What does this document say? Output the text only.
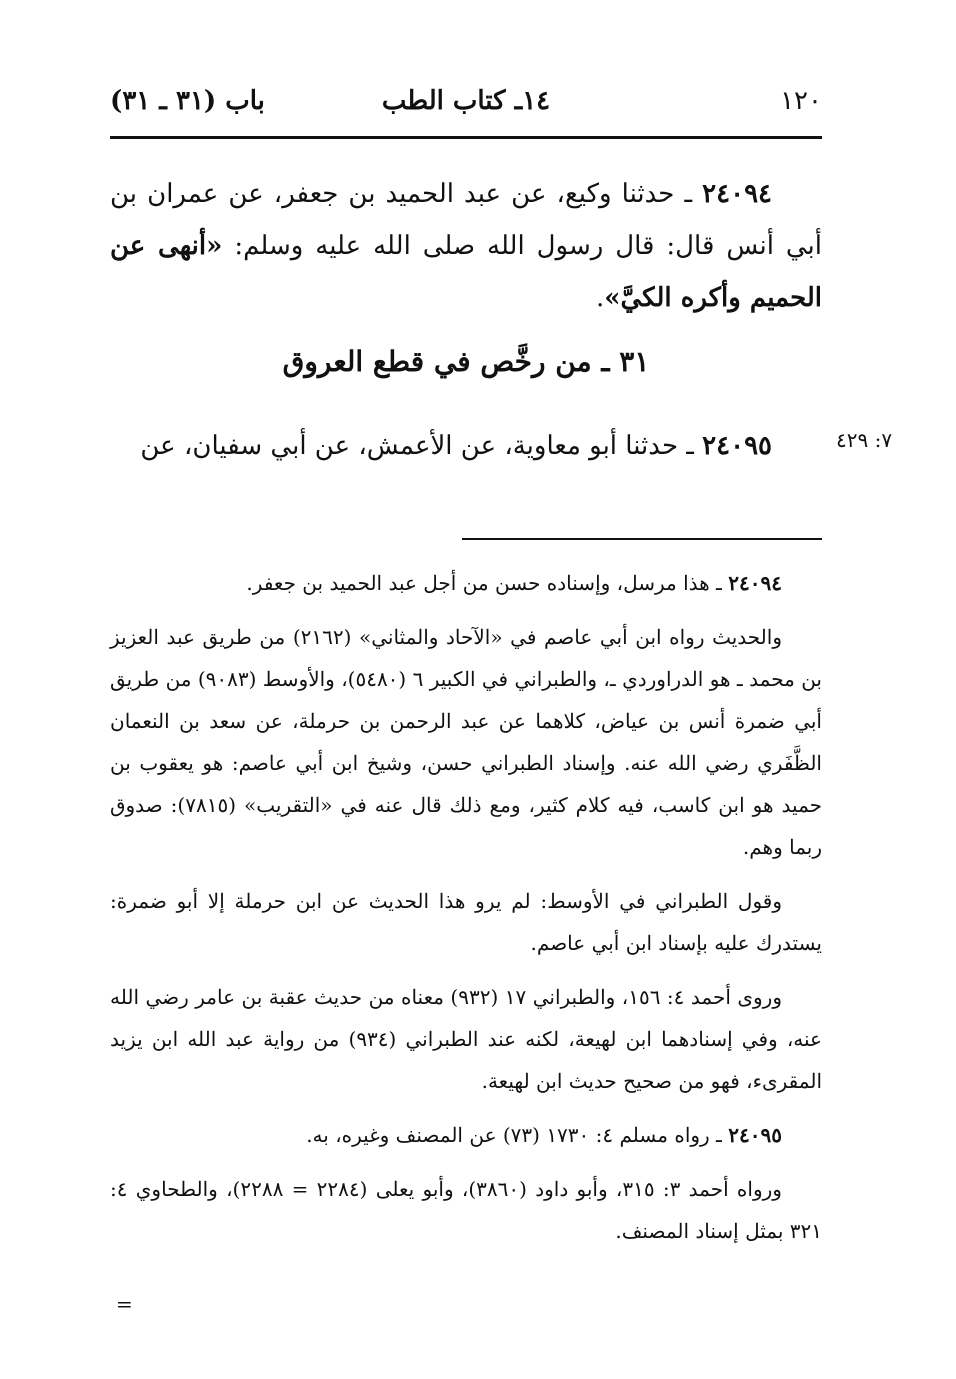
١٢٠
١٤ـ كتاب الطب
باب (٣١ ـ ٣١)

٢٤٠٩٤ ـ حدثنا وكيع، عن عبد الحميد بن جعفر، عن عمران بن أبي أنس قال: قال رسول الله صلى الله عليه وسلم: «أنهى عن الحميم وأكره الكيَّ».

٣١ ـ من رخَّص في قطع العروق

٢٤٠٩٥ ـ حدثنا أبو معاوية، عن الأعمش، عن أبي سفيان، عن	٧: ٤٢٩

٢٤٠٩٤ ـ هذا مرسل، وإسناده حسن من أجل عبد الحميد بن جعفر.

والحديث رواه ابن أبي عاصم في «الآحاد والمثاني» (٢١٦٢) من طريق عبد العزيز بن محمد ـ هو الدراوردي ـ، والطبراني في الكبير ٦ (٥٤٨٠)، والأوسط (٩٠٨٣) من طريق أبي ضمرة أنس بن عياض، كلاهما عن عبد الرحمن بن حرملة، عن سعد بن النعمان الظَّفَري رضي الله عنه. وإسناد الطبراني حسن، وشيخ ابن أبي عاصم: هو يعقوب بن حميد هو ابن كاسب، فيه كلام كثير، ومع ذلك قال عنه في «التقريب» (٧٨١٥): صدوق ربما وهم.

وقول الطبراني في الأوسط: لم يرو هذا الحديث عن ابن حرملة إلا أبو ضمرة: يستدرك عليه بإسناد ابن أبي عاصم.

وروى أحمد ٤: ١٥٦، والطبراني ١٧ (٩٣٢) معناه من حديث عقبة بن عامر رضي الله عنه، وفي إسنادهما ابن لهيعة، لكنه عند الطبراني (٩٣٤) من رواية عبد الله ابن يزيد المقرىء، فهو من صحيح حديث ابن لهيعة.

٢٤٠٩٥ ـ رواه مسلم ٤: ١٧٣٠ (٧٣) عن المصنف وغيره، به.

ورواه أحمد ٣: ٣١٥، وأبو داود (٣٨٦٠)، وأبو يعلى (٢٢٨٤ = ٢٢٨٨)، والطحاوي ٤: ٣٢١ بمثل إسناد المصنف.

=
